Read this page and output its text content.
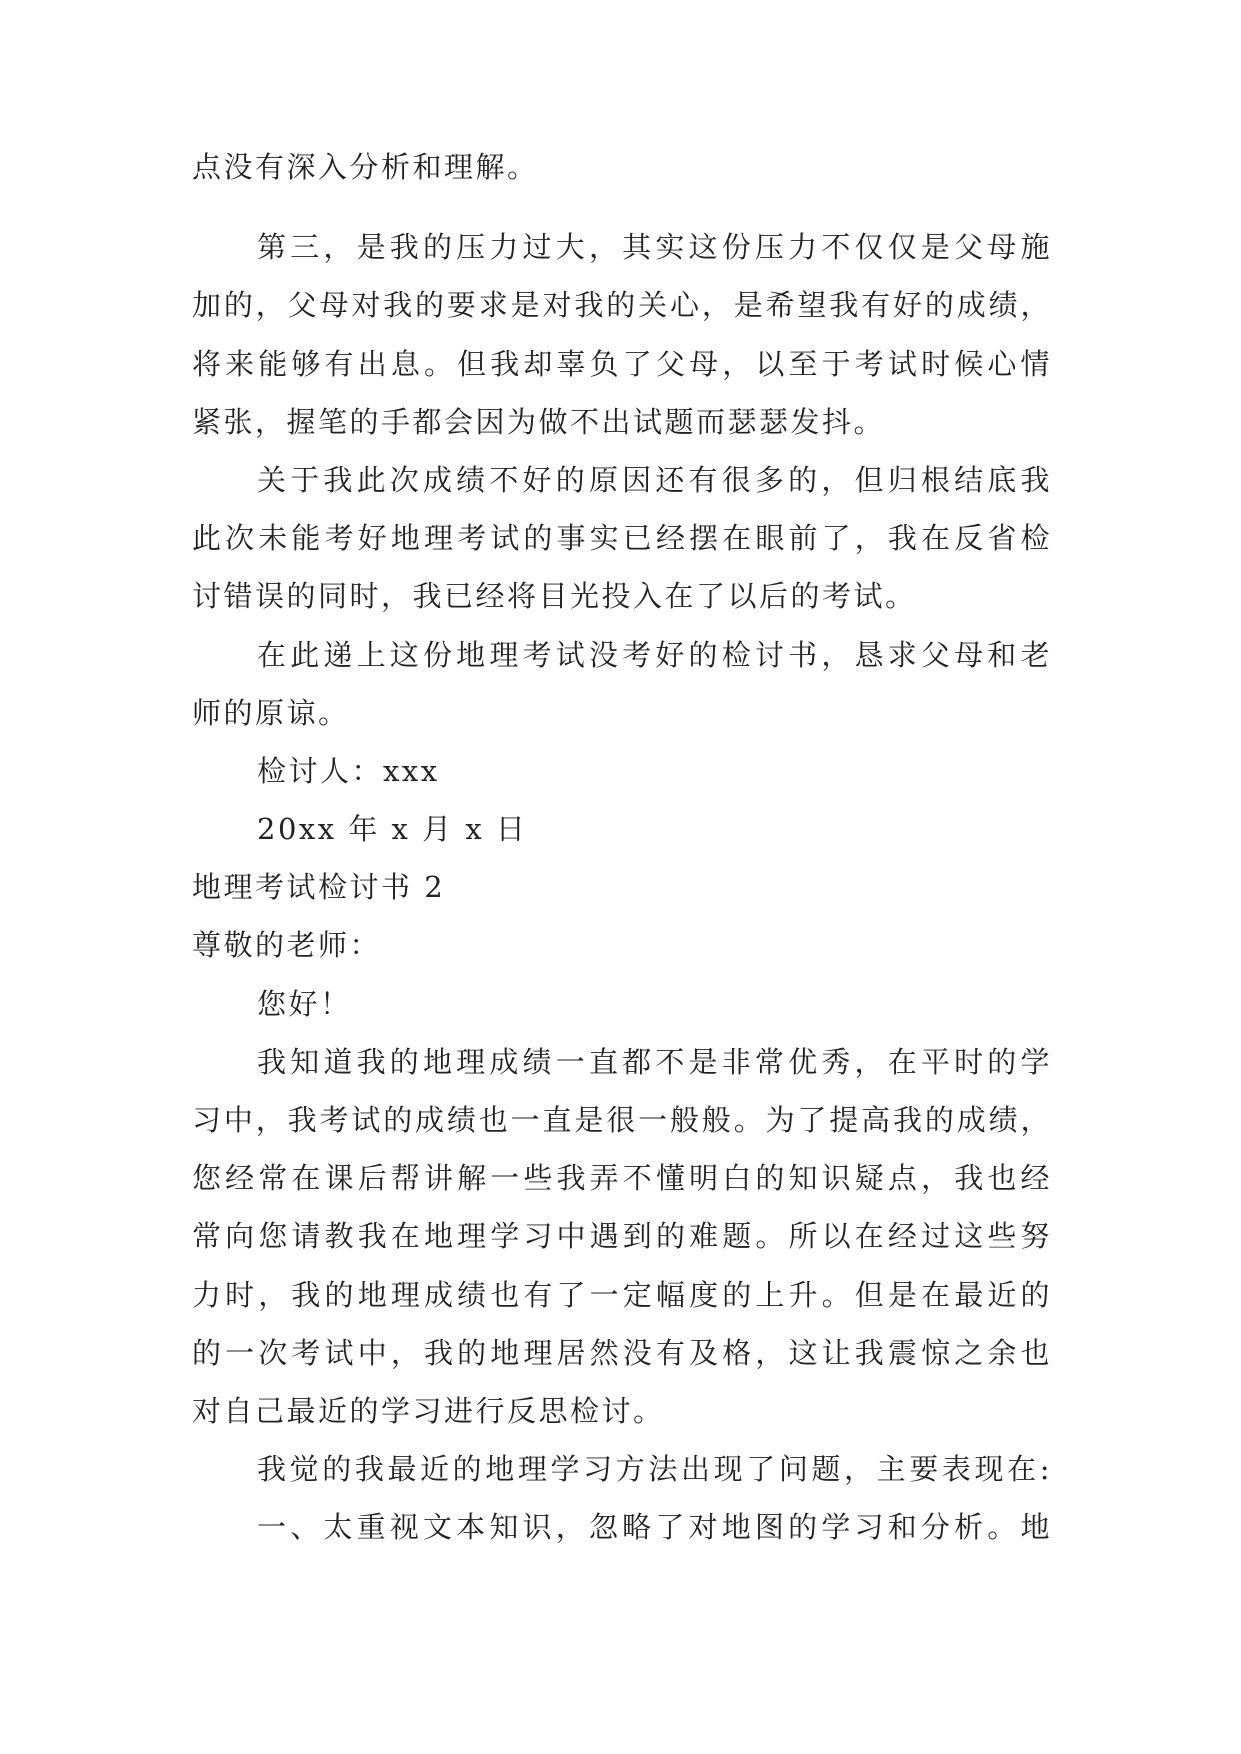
点没有深入分析和理解。
第三，是我的压力过大，其实这份压力不仅仅是父母施
加的，父母对我的要求是对我的关心，是希望我有好的成绩，
将来能够有出息。但我却辜负了父母，以至于考试时候心情
紧张，握笔的手都会因为做不出试题而瑟瑟发抖。
关于我此次成绩不好的原因还有很多的，但归根结底我
此次未能考好地理考试的事实已经摆在眼前了，我在反省检
讨错误的同时，我已经将目光投入在了以后的考试。
在此递上这份地理考试没考好的检讨书，恳求父母和老
师的原谅。
检讨人：xxx
20xx 年 x 月 x 日
地理考试检讨书 2
尊敬的老师：
您好！
我知道我的地理成绩一直都不是非常优秀，在平时的学
习中，我考试的成绩也一直是很一般般。为了提高我的成绩，
您经常在课后帮讲解一些我弄不懂明白的知识疑点，我也经
常向您请教我在地理学习中遇到的难题。所以在经过这些努
力时，我的地理成绩也有了一定幅度的上升。但是在最近的
的一次考试中，我的地理居然没有及格，这让我震惊之余也
对自己最近的学习进行反思检讨。
我觉的我最近的地理学习方法出现了问题，主要表现在:
一、太重视文本知识，忽略了对地图的学习和分析。地
